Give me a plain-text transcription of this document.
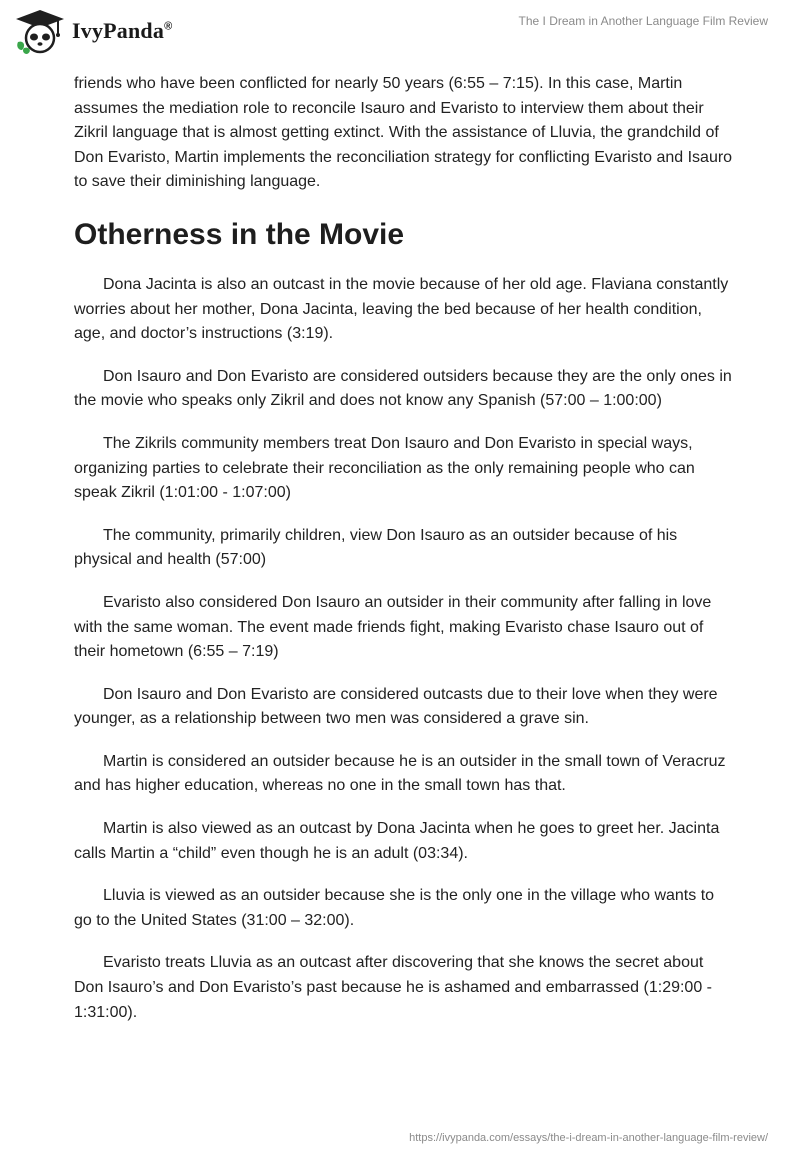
IvyPanda®	The I Dream in Another Language Film Review

friends who have been conflicted for nearly 50 years (6:55 – 7:15). In this case, Martin assumes the mediation role to reconcile Isauro and Evaristo to interview them about their Zikril language that is almost getting extinct. With the assistance of Lluvia, the grandchild of Don Evaristo, Martin implements the reconciliation strategy for conflicting Evaristo and Isauro to save their diminishing language.

Otherness in the Movie

Dona Jacinta is also an outcast in the movie because of her old age. Flaviana constantly worries about her mother, Dona Jacinta, leaving the bed because of her health condition, age, and doctor’s instructions (3:19).

Don Isauro and Don Evaristo are considered outsiders because they are the only ones in the movie who speaks only Zikril and does not know any Spanish (57:00 – 1:00:00)

The Zikrils community members treat Don Isauro and Don Evaristo in special ways, organizing parties to celebrate their reconciliation as the only remaining people who can speak Zikril (1:01:00 - 1:07:00)

The community, primarily children, view Don Isauro as an outsider because of his physical and health (57:00)

Evaristo also considered Don Isauro an outsider in their community after falling in love with the same woman. The event made friends fight, making Evaristo chase Isauro out of their hometown (6:55 – 7:19)

Don Isauro and Don Evaristo are considered outcasts due to their love when they were younger, as a relationship between two men was considered a grave sin.

Martin is considered an outsider because he is an outsider in the small town of Veracruz and has higher education, whereas no one in the small town has that.

Martin is also viewed as an outcast by Dona Jacinta when he goes to greet her. Jacinta calls Martin a “child” even though he is an adult (03:34).

Lluvia is viewed as an outsider because she is the only one in the village who wants to go to the United States (31:00 – 32:00).

Evaristo treats Lluvia as an outcast after discovering that she knows the secret about Don Isauro’s and Don Evaristo’s past because he is ashamed and embarrassed (1:29:00 - 1:31:00).

https://ivypanda.com/essays/the-i-dream-in-another-language-film-review/
